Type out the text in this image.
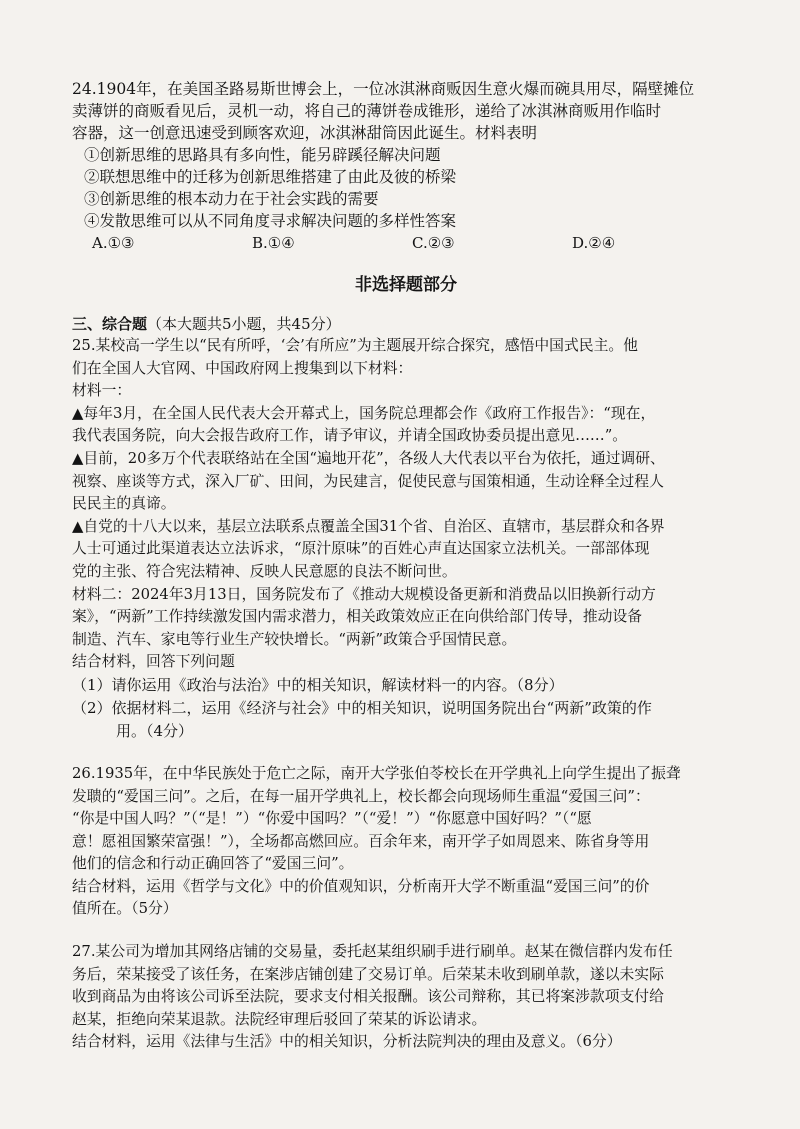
24.1904年，在美国圣路易斯世博会上，一位冰淇淋商贩因生意火爆而碗具用尽，隔壁摊位

卖薄饼的商贩看见后，灵机一动，将自己的薄饼卷成锥形，递给了冰淇淋商贩用作临时

容器，这一创意迅速受到顾客欢迎，冰淇淋甜筒因此诞生。材料表明

①创新思维的思路具有多向性，能另辟蹊径解决问题

②联想思维中的迁移为创新思维搭建了由此及彼的桥梁

③创新思维的根本动力在于社会实践的需要

④发散思维可以从不同角度寻求解决问题的多样性答案

A.①③	B.①④	C.②③	D.②④

非选择题部分

三、综合题（本大题共5小题，共45分）

25.某校高一学生以“民有所呼，‘会’有所应”为主题展开综合探究，感悟中国式民主。他

们在全国人大官网、中国政府网上搜集到以下材料：

材料一：

▲每年3月，在全国人民代表大会开幕式上，国务院总理都会作《政府工作报告》：“现在，

我代表国务院，向大会报告政府工作，请予审议，并请全国政协委员提出意见……”。

▲目前，20多万个代表联络站在全国“遍地开花”，各级人大代表以平台为依托，通过调研、

视察、座谈等方式，深入厂矿、田间，为民建言，促使民意与国策相通，生动诠释全过程人

民民主的真谛。

▲自党的十八大以来，基层立法联系点覆盖全国31个省、自治区、直辖市，基层群众和各界

人士可通过此渠道表达立法诉求，“原汁原味”的百姓心声直达国家立法机关。一部部体现

党的主张、符合宪法精神、反映人民意愿的良法不断问世。

材料二：2024年3月13日，国务院发布了《推动大规模设备更新和消费品以旧换新行动方

案》，“两新”工作持续激发国内需求潜力，相关政策效应正在向供给部门传导，推动设备

制造、汽车、家电等行业生产较快增长。“两新”政策合乎国情民意。

结合材料，回答下列问题

（1）请你运用《政治与法治》中的相关知识，解读材料一的内容。（8分）

（2）依据材料二，运用《经济与社会》中的相关知识，说明国务院出台“两新”政策的作

用。（4分）

26.1935年，在中华民族处于危亡之际，南开大学张伯苓校长在开学典礼上向学生提出了振聋

发聩的“爱国三问”。之后，在每一届开学典礼上，校长都会向现场师生重温“爱国三问”：

“你是中国人吗？”（“是！”）“你爱中国吗？”（“爱！”）“你愿意中国好吗？”（“愿

意！愿祖国繁荣富强！”），全场都高燃回应。百余年来，南开学子如周恩来、陈省身等用

他们的信念和行动正确回答了“爱国三问”。

结合材料，运用《哲学与文化》中的价值观知识，分析南开大学不断重温“爱国三问”的价

值所在。（5分）

27.某公司为增加其网络店铺的交易量，委托赵某组织刷手进行刷单。赵某在微信群内发布任

务后，荣某接受了该任务，在案涉店铺创建了交易订单。后荣某未收到刷单款，遂以未实际

收到商品为由将该公司诉至法院，要求支付相关报酬。该公司辩称，其已将案涉款项支付给

赵某，拒绝向荣某退款。法院经审理后驳回了荣某的诉讼请求。

结合材料，运用《法律与生活》中的相关知识，分析法院判决的理由及意义。（6分）
